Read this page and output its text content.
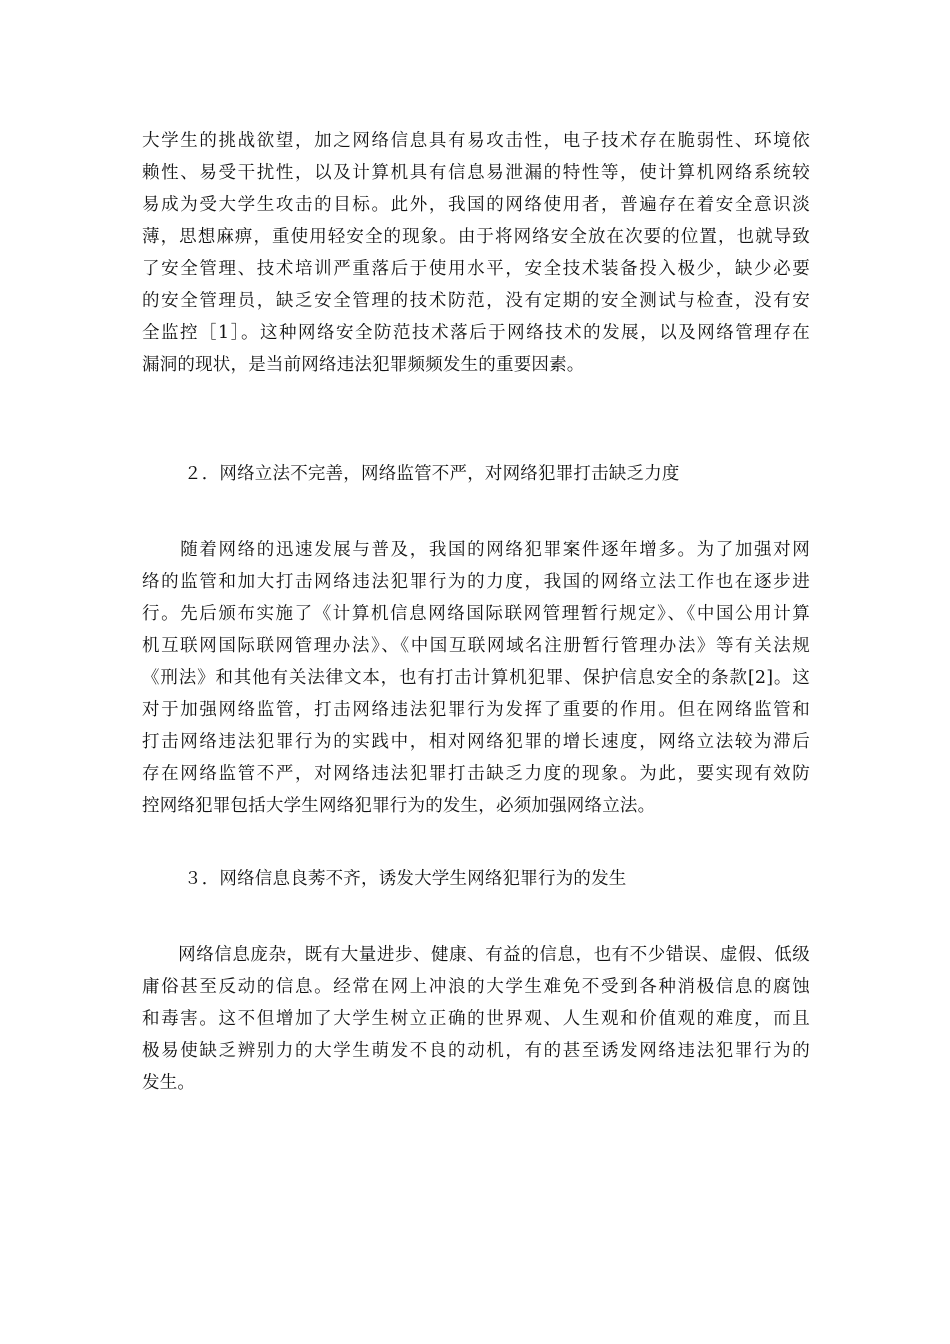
大学生的挑战欲望，加之网络信息具有易攻击性，电子技术存在脆弱性、环境依
赖性、易受干扰性，以及计算机具有信息易泄漏的特性等，使计算机网络系统较
易成为受大学生攻击的目标。此外，我国的网络使用者，普遍存在着安全意识淡
薄，思想麻痹，重使用轻安全的现象。由于将网络安全放在次要的位置，也就导致
了安全管理、技术培训严重落后于使用水平，安全技术装备投入极少，缺少必要
的安全管理员，缺乏安全管理的技术防范，没有定期的安全测试与检查，没有安
全监控［1］。这种网络安全防范技术落后于网络技术的发展，以及网络管理存在
漏洞的现状，是当前网络违法犯罪频频发生的重要因素。
２．网络立法不完善，网络监管不严，对网络犯罪打击缺乏力度
　　随着网络的迅速发展与普及，我国的网络犯罪案件逐年增多。为了加强对网
络的监管和加大打击网络违法犯罪行为的力度，我国的网络立法工作也在逐步进
行。先后颁布实施了《计算机信息网络国际联网管理暂行规定》、《中国公用计算
机互联网国际联网管理办法》、《中国互联网域名注册暂行管理办法》等有关法规
《刑法》和其他有关法律文本，也有打击计算机犯罪、保护信息安全的条款[2]。这
对于加强网络监管，打击网络违法犯罪行为发挥了重要的作用。但在网络监管和
打击网络违法犯罪行为的实践中，相对网络犯罪的增长速度，网络立法较为滞后
存在网络监管不严，对网络违法犯罪打击缺乏力度的现象。为此，要实现有效防
控网络犯罪包括大学生网络犯罪行为的发生，必须加强网络立法。
３．网络信息良莠不齐，诱发大学生网络犯罪行为的发生
　　网络信息庞杂，既有大量进步、健康、有益的信息，也有不少错误、虚假、低级
庸俗甚至反动的信息。经常在网上冲浪的大学生难免不受到各种消极信息的腐蚀
和毒害。这不但增加了大学生树立正确的世界观、人生观和价值观的难度，而且
极易使缺乏辨别力的大学生萌发不良的动机，有的甚至诱发网络违法犯罪行为的
发生。
